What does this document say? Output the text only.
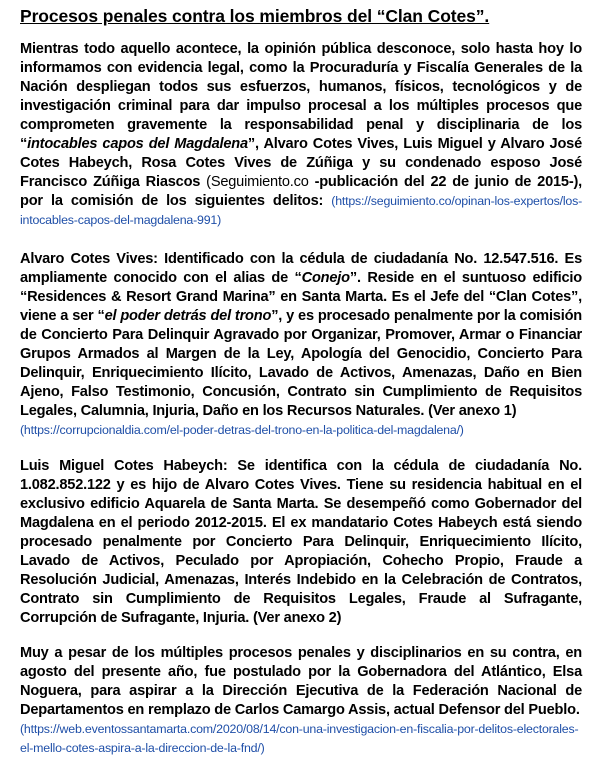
Procesos penales contra los miembros del “Clan Cotes”.

Mientras todo aquello acontece, la opinión pública desconoce, solo hasta hoy lo informamos con evidencia legal, como la Procuraduría y Fiscalía Generales de la Nación despliegan todos sus esfuerzos, humanos, físicos, tecnológicos y de investigación criminal para dar impulso procesal a los múltiples procesos que comprometen gravemente la responsabilidad penal y disciplinaria de los “intocables capos del Magdalena”, Alvaro Cotes Vives, Luis Miguel y Alvaro José Cotes Habeych, Rosa Cotes Vives de Zúñiga y su condenado esposo José Francisco Zúñiga Riascos (Seguimiento.co -publicación del 22 de junio de 2015-), por la comisión de los siguientes delitos: (https://seguimiento.co/opinan-los-expertos/los-intocables-capos-del-magdalena-991)

Alvaro Cotes Vives: Identificado con la cédula de ciudadanía No. 12.547.516. Es ampliamente conocido con el alias de “Conejo”. Reside en el suntuoso edificio “Residences & Resort Grand Marina” en Santa Marta. Es el Jefe del “Clan Cotes”, viene a ser “el poder detrás del trono”, y es procesado penalmente por la comisión de Concierto Para Delinquir Agravado por Organizar, Promover, Armar o Financiar Grupos Armados al Margen de la Ley, Apología del Genocidio, Concierto Para Delinquir, Enriquecimiento Ilícito, Lavado de Activos, Amenazas, Daño en Bien Ajeno, Falso Testimonio, Concusión, Contrato sin Cumplimiento de Requisitos Legales, Calumnia, Injuria, Daño en los Recursos Naturales. (Ver anexo 1)
(https://corrupcionaldia.com/el-poder-detras-del-trono-en-la-politica-del-magdalena/)

Luis Miguel Cotes Habeych: Se identifica con la cédula de ciudadanía No. 1.082.852.122 y es hijo de Alvaro Cotes Vives. Tiene su residencia habitual en el exclusivo edificio Aquarela de Santa Marta. Se desempeñó como Gobernador del Magdalena en el periodo 2012-2015. El ex mandatario Cotes Habeych está siendo procesado penalmente por Concierto Para Delinquir, Enriquecimiento Ilícito, Lavado de Activos, Peculado por Apropiación, Cohecho Propio, Fraude a Resolución Judicial, Amenazas, Interés Indebido en la Celebración de Contratos, Contrato sin Cumplimiento de Requisitos Legales, Fraude al Sufragante, Corrupción de Sufragante, Injuria. (Ver anexo 2)

Muy a pesar de los múltiples procesos penales y disciplinarios en su contra, en agosto del presente año, fue postulado por la Gobernadora del Atlántico, Elsa Noguera, para aspirar a la Dirección Ejecutiva de la Federación Nacional de Departamentos en remplazo de Carlos Camargo Assis, actual Defensor del Pueblo.
(https://web.eventossantamarta.com/2020/08/14/con-una-investigacion-en-fiscalia-por-delitos-electorales-el-mello-cotes-aspira-a-la-direccion-de-la-fnd/)
